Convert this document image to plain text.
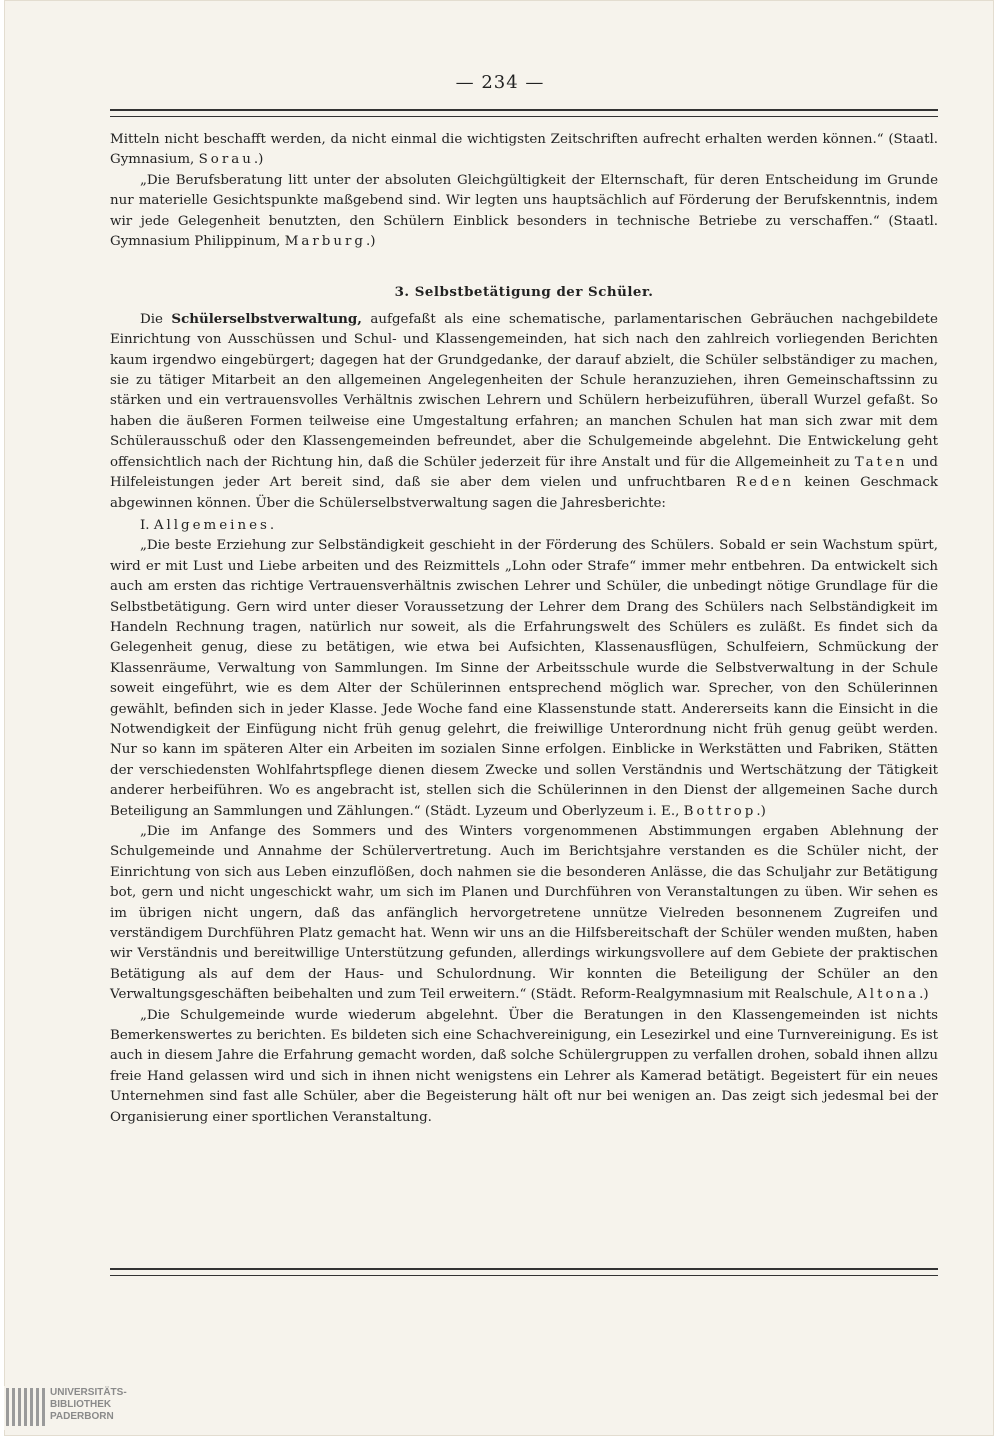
— 234 —

Mitteln nicht beschafft werden, da nicht einmal die wichtigsten Zeitschriften aufrecht erhalten werden können.“ (Staatl. Gymnasium, Sorau.)

„Die Berufsberatung litt unter der absoluten Gleichgültigkeit der Elternschaft, für deren Entscheidung im Grunde nur materielle Gesichtspunkte maßgebend sind. Wir legten uns hauptsächlich auf Förderung der Berufskenntnis, indem wir jede Gelegenheit benutzten, den Schülern Einblick besonders in technische Betriebe zu verschaffen.“ (Staatl. Gymnasium Philippinum, Marburg.)

3. Selbstbetätigung der Schüler.

Die Schülerselbstverwaltung, aufgefaßt als eine schematische, parlamentarischen Gebräuchen nachgebildete Einrichtung von Ausschüssen und Schul- und Klassengemeinden, hat sich nach den zahlreich vorliegenden Berichten kaum irgendwo eingebürgert; dagegen hat der Grundgedanke, der darauf abzielt, die Schüler selbständiger zu machen, sie zu tätiger Mitarbeit an den allgemeinen Angelegenheiten der Schule heranzuziehen, ihren Gemeinschaftssinn zu stärken und ein vertrauensvolles Verhältnis zwischen Lehrern und Schülern herbeizuführen, überall Wurzel gefaßt. So haben die äußeren Formen teilweise eine Umgestaltung erfahren; an manchen Schulen hat man sich zwar mit dem Schülerausschuß oder den Klassengemeinden befreundet, aber die Schulgemeinde abgelehnt. Die Entwickelung geht offensichtlich nach der Richtung hin, daß die Schüler jederzeit für ihre Anstalt und für die Allgemeinheit zu Taten und Hilfeleistungen jeder Art bereit sind, daß sie aber dem vielen und unfruchtbaren Reden keinen Geschmack abgewinnen können. Über die Schülerselbstverwaltung sagen die Jahresberichte:

I. Allgemeines.

„Die beste Erziehung zur Selbständigkeit geschieht in der Förderung des Schülers. Sobald er sein Wachstum spürt, wird er mit Lust und Liebe arbeiten und des Reizmittels „Lohn oder Strafe“ immer mehr entbehren. Da entwickelt sich auch am ersten das richtige Vertrauensverhältnis zwischen Lehrer und Schüler, die unbedingt nötige Grundlage für die Selbstbetätigung. Gern wird unter dieser Voraussetzung der Lehrer dem Drang des Schülers nach Selbständigkeit im Handeln Rechnung tragen, natürlich nur soweit, als die Erfahrungswelt des Schülers es zuläßt. Es findet sich da Gelegenheit genug, diese zu betätigen, wie etwa bei Aufsichten, Klassenausflügen, Schulfeiern, Schmückung der Klassenräume, Verwaltung von Sammlungen. Im Sinne der Arbeitsschule wurde die Selbstverwaltung in der Schule soweit eingeführt, wie es dem Alter der Schülerinnen entsprechend möglich war. Sprecher, von den Schülerinnen gewählt, befinden sich in jeder Klasse. Jede Woche fand eine Klassenstunde statt. Andererseits kann die Einsicht in die Notwendigkeit der Einfügung nicht früh genug gelehrt, die freiwillige Unterordnung nicht früh genug geübt werden. Nur so kann im späteren Alter ein Arbeiten im sozialen Sinne erfolgen. Einblicke in Werkstätten und Fabriken, Stätten der verschiedensten Wohlfahrtspflege dienen diesem Zwecke und sollen Verständnis und Wertschätzung der Tätigkeit anderer herbeiführen. Wo es angebracht ist, stellen sich die Schülerinnen in den Dienst der allgemeinen Sache durch Beteiligung an Sammlungen und Zählungen.“ (Städt. Lyzeum und Oberlyzeum i. E., Bottrop.)

„Die im Anfange des Sommers und des Winters vorgenommenen Abstimmungen ergaben Ablehnung der Schulgemeinde und Annahme der Schülervertretung. Auch im Berichtsjahre verstanden es die Schüler nicht, der Einrichtung von sich aus Leben einzuflößen, doch nahmen sie die besonderen Anlässe, die das Schuljahr zur Betätigung bot, gern und nicht ungeschickt wahr, um sich im Planen und Durchführen von Veranstaltungen zu üben. Wir sehen es im übrigen nicht ungern, daß das anfänglich hervorgetretene unnütze Vielreden besonnenem Zugreifen und verständigem Durchführen Platz gemacht hat. Wenn wir uns an die Hilfsbereitschaft der Schüler wenden mußten, haben wir Verständnis und bereitwillige Unterstützung gefunden, allerdings wirkungsvollere auf dem Gebiete der praktischen Betätigung als auf dem der Haus- und Schulordnung. Wir konnten die Beteiligung der Schüler an den Verwaltungsgeschäften beibehalten und zum Teil erweitern.“ (Städt. Reform-Realgymnasium mit Realschule, Altona.)

„Die Schulgemeinde wurde wiederum abgelehnt. Über die Beratungen in den Klassengemeinden ist nichts Bemerkenswertes zu berichten. Es bildeten sich eine Schachvereinigung, ein Lesezirkel und eine Turnvereinigung. Es ist auch in diesem Jahre die Erfahrung gemacht worden, daß solche Schülergruppen zu verfallen drohen, sobald ihnen allzu freie Hand gelassen wird und sich in ihnen nicht wenigstens ein Lehrer als Kamerad betätigt. Begeistert für ein neues Unternehmen sind fast alle Schüler, aber die Begeisterung hält oft nur bei wenigen an. Das zeigt sich jedesmal bei der Organisierung einer sportlichen Veranstaltung.

UNIVERSITÄTS-
BIBLIOTHEK
PADERBORN
